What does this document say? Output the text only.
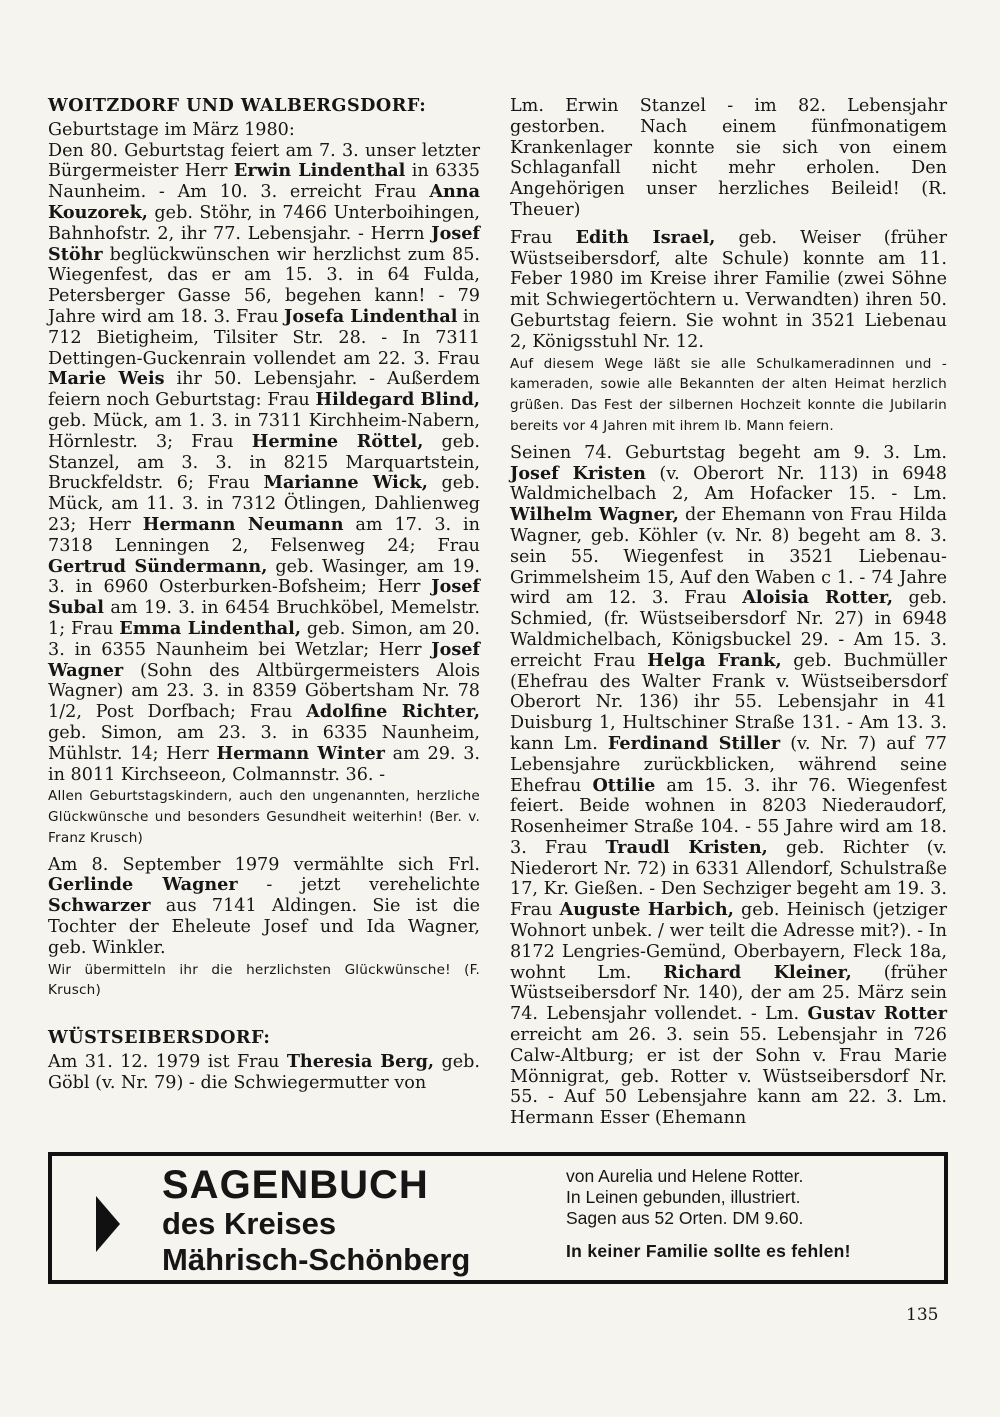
WOITZDORF UND WALBERGSDORF:

Geburtstage im März 1980:
Den 80. Geburtstag feiert am 7. 3. unser letzter Bürgermeister Herr Erwin Lindenthal in 6335 Naunheim. - Am 10. 3. erreicht Frau Anna Kouzorek, geb. Stöhr, in 7466 Unterboihingen, Bahnhofstr. 2, ihr 77. Lebensjahr. - Herrn Josef Stöhr beglückwünschen wir herzlichst zum 85. Wiegenfest, das er am 15. 3. in 64 Fulda, Petersberger Gasse 56, begehen kann! - 79 Jahre wird am 18. 3. Frau Josefa Lindenthal in 712 Bietigheim, Tilsiter Str. 28. - In 7311 Dettingen-Guckenrain vollendet am 22. 3. Frau Marie Weis ihr 50. Lebensjahr. - Außerdem feiern noch Geburtstag: Frau Hildegard Blind, geb. Mück, am 1. 3. in 7311 Kirchheim-Nabern, Hörnlestr. 3; Frau Hermine Röttel, geb. Stanzel, am 3. 3. in 8215 Marquartstein, Bruckfeldstr. 6; Frau Marianne Wick, geb. Mück, am 11. 3. in 7312 Ötlingen, Dahlienweg 23; Herr Hermann Neumann am 17. 3. in 7318 Lenningen 2, Felsenweg 24; Frau Gertrud Sündermann, geb. Wasinger, am 19. 3. in 6960 Osterburken-Bofsheim; Herr Josef Subal am 19. 3. in 6454 Bruchköbel, Memelstr. 1; Frau Emma Lindenthal, geb. Simon, am 20. 3. in 6355 Naunheim bei Wetzlar; Herr Josef Wagner (Sohn des Altbürgermeisters Alois Wagner) am 23. 3. in 8359 Göbertsham Nr. 78 1/2, Post Dorfbach; Frau Adolfine Richter, geb. Simon, am 23. 3. in 6335 Naunheim, Mühlstr. 14; Herr Hermann Winter am 29. 3. in 8011 Kirchseeon, Colmannstr. 36. -
Allen Geburtstagskindern, auch den ungenannten, herzliche Glückwünsche und besonders Gesundheit weiterhin! (Ber. v. Franz Krusch)

Am 8. September 1979 vermählte sich Frl. Gerlinde Wagner - jetzt verehelichte Schwarzer aus 7141 Aldingen. Sie ist die Tochter der Eheleute Josef und Ida Wagner, geb. Winkler.
Wir übermitteln ihr die herzlichsten Glückwünsche! (F. Krusch)

WÜSTSEIBERSDORF:

Am 31. 12. 1979 ist Frau Theresia Berg, geb. Göbl (v. Nr. 79) - die Schwiegermutter von

Lm. Erwin Stanzel - im 82. Lebensjahr gestorben. Nach einem fünfmonatigem Krankenlager konnte sie sich von einem Schlaganfall nicht mehr erholen. Den Angehörigen unser herzliches Beileid! (R. Theuer)

Frau Edith Israel, geb. Weiser (früher Wüstseibersdorf, alte Schule) konnte am 11. Feber 1980 im Kreise ihrer Familie (zwei Söhne mit Schwiegertöchtern u. Verwandten) ihren 50. Geburtstag feiern. Sie wohnt in 3521 Liebenau 2, Königsstuhl Nr. 12.
Auf diesem Wege läßt sie alle Schulkameradinnen und -kameraden, sowie alle Bekannten der alten Heimat herzlich grüßen. Das Fest der silbernen Hochzeit konnte die Jubilarin bereits vor 4 Jahren mit ihrem lb. Mann feiern.

Seinen 74. Geburtstag begeht am 9. 3. Lm. Josef Kristen (v. Oberort Nr. 113) in 6948 Waldmichelbach 2, Am Hofacker 15. - Lm. Wilhelm Wagner, der Ehemann von Frau Hilda Wagner, geb. Köhler (v. Nr. 8) begeht am 8. 3. sein 55. Wiegenfest in 3521 Liebenau-Grimmelsheim 15, Auf den Waben c 1. - 74 Jahre wird am 12. 3. Frau Aloisia Rotter, geb. Schmied, (fr. Wüstseibersdorf Nr. 27) in 6948 Waldmichelbach, Königsbuckel 29. - Am 15. 3. erreicht Frau Helga Frank, geb. Buchmüller (Ehefrau des Walter Frank v. Wüstseibersdorf Oberort Nr. 136) ihr 55. Lebensjahr in 41 Duisburg 1, Hultschiner Straße 131. - Am 13. 3. kann Lm. Ferdinand Stiller (v. Nr. 7) auf 77 Lebensjahre zurückblicken, während seine Ehefrau Ottilie am 15. 3. ihr 76. Wiegenfest feiert. Beide wohnen in 8203 Niederaudorf, Rosenheimer Straße 104. - 55 Jahre wird am 18. 3. Frau Traudl Kristen, geb. Richter (v. Niederort Nr. 72) in 6331 Allendorf, Schulstraße 17, Kr. Gießen. - Den Sechziger begeht am 19. 3. Frau Auguste Harbich, geb. Heinisch (jetziger Wohnort unbek. / wer teilt die Adresse mit?). - In 8172 Lengries-Gemünd, Oberbayern, Fleck 18a, wohnt Lm. Richard Kleiner, (früher Wüstseibersdorf Nr. 140), der am 25. März sein 74. Lebensjahr vollendet. - Lm. Gustav Rotter erreicht am 26. 3. sein 55. Lebensjahr in 726 Calw-Altburg; er ist der Sohn v. Frau Marie Mönnigrat, geb. Rotter v. Wüstseibersdorf Nr. 55. - Auf 50 Lebensjahre kann am 22. 3. Lm. Hermann Esser (Ehemann

SAGENBUCH
des Kreises
Mährisch-Schönberg
von Aurelia und Helene Rotter.
In Leinen gebunden, illustriert.
Sagen aus 52 Orten. DM 9.60.
In keiner Familie sollte es fehlen!
135
